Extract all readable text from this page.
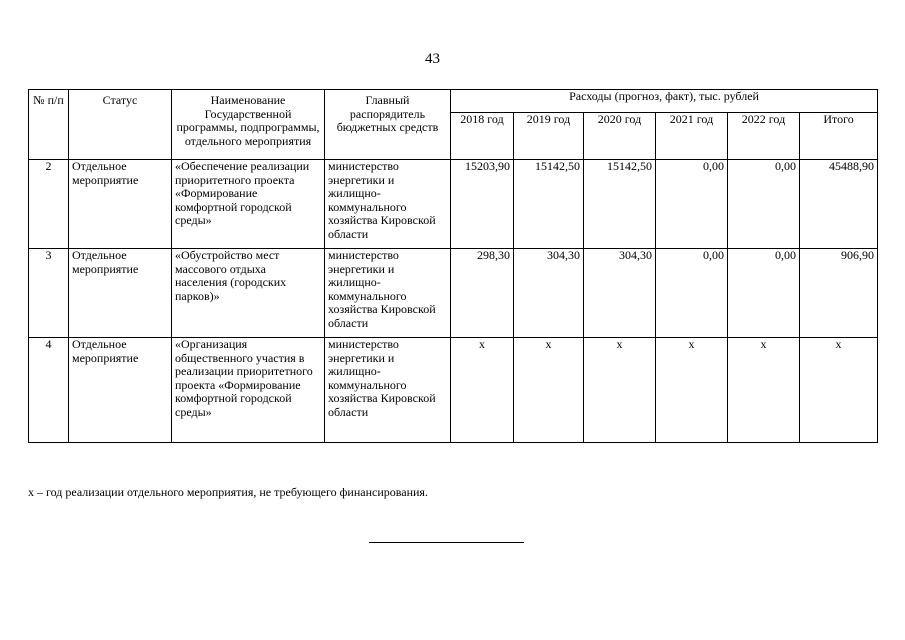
43
№ п/п	Статус	Наименование Государственной программы, подпрограммы, отдельного мероприятия	Главный распорядитель бюджетных средств	Расходы (прогноз, факт), тыс. рублей					
				2018 год	2019 год	2020 год	2021 год	2022 год	Итого
2	Отдельное мероприятие	«Обеспечение реализации приоритетного проекта «Формирование комфортной городской среды»	министерство энергетики и жилищно-коммунального хозяйства Кировской области	15203,90	15142,50	15142,50	0,00	0,00	45488,90
3	Отдельное мероприятие	«Обустройство мест массового отдыха населения (городских парков)»	министерство энергетики и жилищно-коммунального хозяйства Кировской области	298,30	304,30	304,30	0,00	0,00	906,90
4	Отдельное мероприятие	«Организация общественного участия в реализации приоритетного проекта «Формирование комфортной городской среды»	министерство энергетики и жилищно-коммунального хозяйства Кировской области	x	x	x	x	x	x
x – год реализации отдельного мероприятия, не требующего финансирования.
